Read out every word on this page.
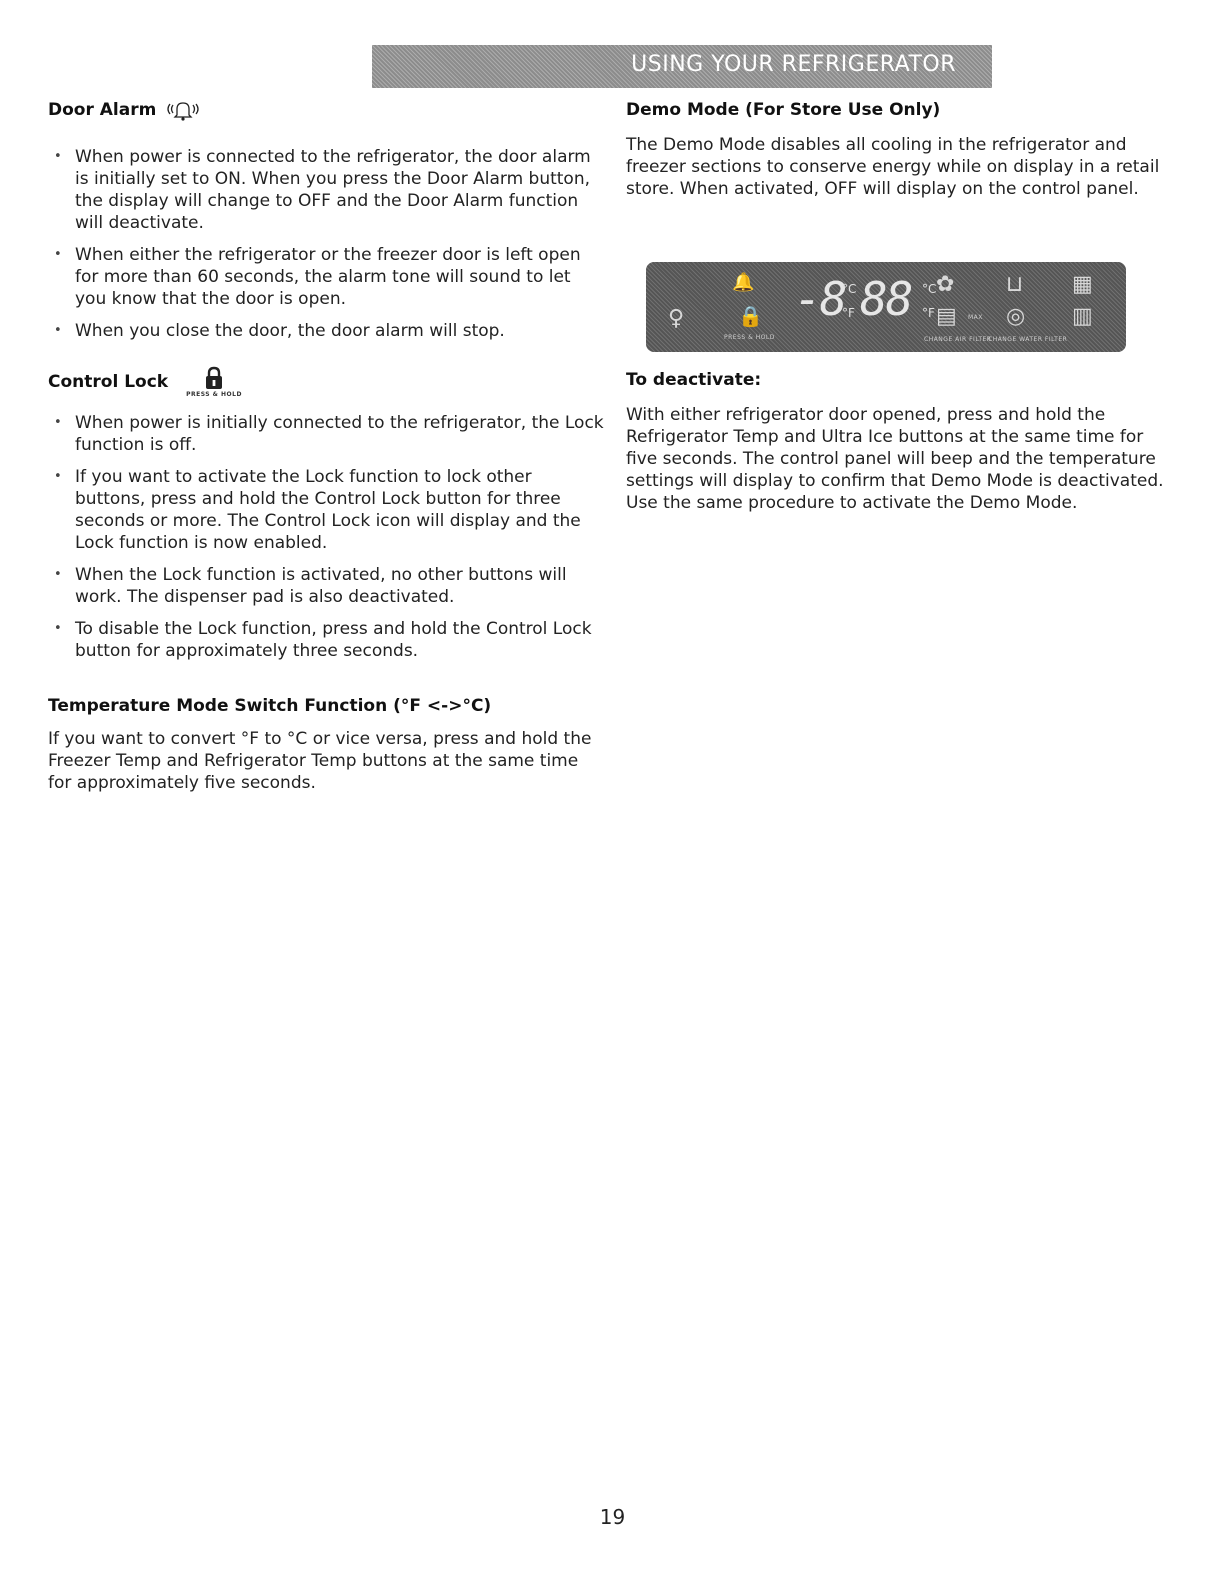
USING YOUR REFRIGERATOR
Door Alarm
• When power is connected to the refrigerator, the door alarm is initially set to ON. When you press the Door Alarm button, the display will change to OFF and the Door Alarm function will deactivate.
• When either the refrigerator or the freezer door is left open for more than 60 seconds, the alarm tone will sound to let you know that the door is open.
• When you close the door, the door alarm will stop.
Control Lock
PRESS & HOLD
• When power is initially connected to the refrigerator, the Lock function is off.
• If you want to activate the Lock function to lock other buttons, press and hold the Control Lock button for three seconds or more. The Control Lock icon will display and the Lock function is now enabled.
• When the Lock function is activated, no other buttons will work. The dispenser pad is also deactivated.
• To disable the Lock function, press and hold the Control Lock button for approximately three seconds.
Temperature Mode Switch Function (°F <->°C)

If you want to convert °F to °C or vice versa, press and hold the Freezer Temp and Refrigerator Temp buttons at the same time for approximately five seconds.

Demo Mode (For Store Use Only)

The Demo Mode disables all cooling in the refrigerator and freezer sections to conserve energy while on display in a retail store. When activated, OFF will display on the control panel.

To deactivate:

With either refrigerator door opened, press and hold the Refrigerator Temp and Ultra Ice buttons at the same time for five seconds. The control panel will beep and the temperature settings will display to confirm that Demo Mode is deactivated. Use the same procedure to activate the Demo Mode.

♀
🔔
🔒
PRESS & HOLD
-8
°C
°F 88 °C
°F
✿
▤ MAX
CHANGE AIR FILTER
⊔
◎
CHANGE WATER FILTER
▦
▥
19
